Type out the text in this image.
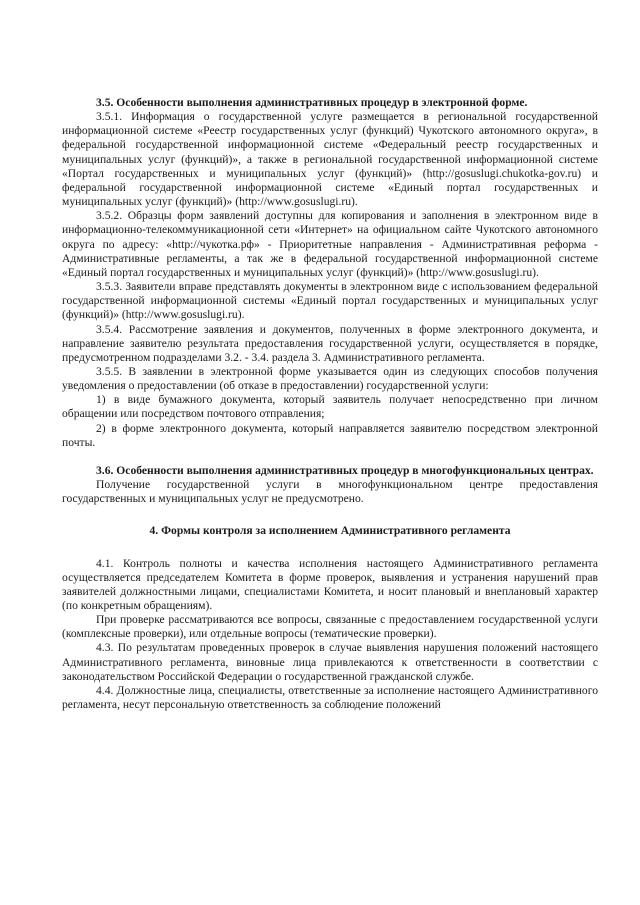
3.5. Особенности выполнения административных процедур в электронной форме.

3.5.1. Информация о государственной услуге размещается в региональной государственной информационной системе «Реестр государственных услуг (функций) Чукотского автономного округа», в федеральной государственной информационной системе «Федеральный реестр государственных и муниципальных услуг (функций)», а также в региональной государственной информационной системе «Портал государственных и муниципальных услуг (функций)» (http://gosuslugi.chukotka-gov.ru) и федеральной государственной информационной системе «Единый портал государственных и муниципальных услуг (функций)» (http://www.gosuslugi.ru).

3.5.2. Образцы форм заявлений доступны для копирования и заполнения в электронном виде в информационно-телекоммуникационной сети «Интернет» на официальном сайте Чукотского автономного округа по адресу: «http://чукотка.рф» - Приоритетные направления - Административная реформа - Административные регламенты, а так же в федеральной государственной информационной системе «Единый портал государственных и муниципальных услуг (функций)» (http://www.gosuslugi.ru).

3.5.3. Заявители вправе представлять документы в электронном виде с использованием федеральной государственной информационной системы «Единый портал государственных и муниципальных услуг (функций)» (http://www.gosuslugi.ru).

3.5.4. Рассмотрение заявления и документов, полученных в форме электронного документа, и направление заявителю результата предоставления государственной услуги, осуществляется в порядке, предусмотренном подразделами 3.2. - 3.4. раздела 3. Административного регламента.

3.5.5. В заявлении в электронной форме указывается один из следующих способов получения уведомления о предоставлении (об отказе в предоставлении) государственной услуги:

1) в виде бумажного документа, который заявитель получает непосредственно при личном обращении или посредством почтового отправления;

2) в форме электронного документа, который направляется заявителю посредством электронной почты.

3.6. Особенности выполнения административных процедур в многофункциональных центрах.

Получение государственной услуги в многофункциональном центре предоставления государственных и муниципальных услуг не предусмотрено.

4. Формы контроля за исполнением Административного регламента

4.1. Контроль полноты и качества исполнения настоящего Административного регламента осуществляется председателем Комитета в форме проверок, выявления и устранения нарушений прав заявителей должностными лицами, специалистами Комитета, и носит плановый и внеплановый характер (по конкретным обращениям).

При проверке рассматриваются все вопросы, связанные с предоставлением государственной услуги (комплексные проверки), или отдельные вопросы (тематические проверки).

4.3. По результатам проведенных проверок в случае выявления нарушения положений настоящего Административного регламента, виновные лица привлекаются к ответственности в соответствии с законодательством Российской Федерации о государственной гражданской службе.

4.4. Должностные лица, специалисты, ответственные за исполнение настоящего Административного регламента, несут персональную ответственность за соблюдение положений
